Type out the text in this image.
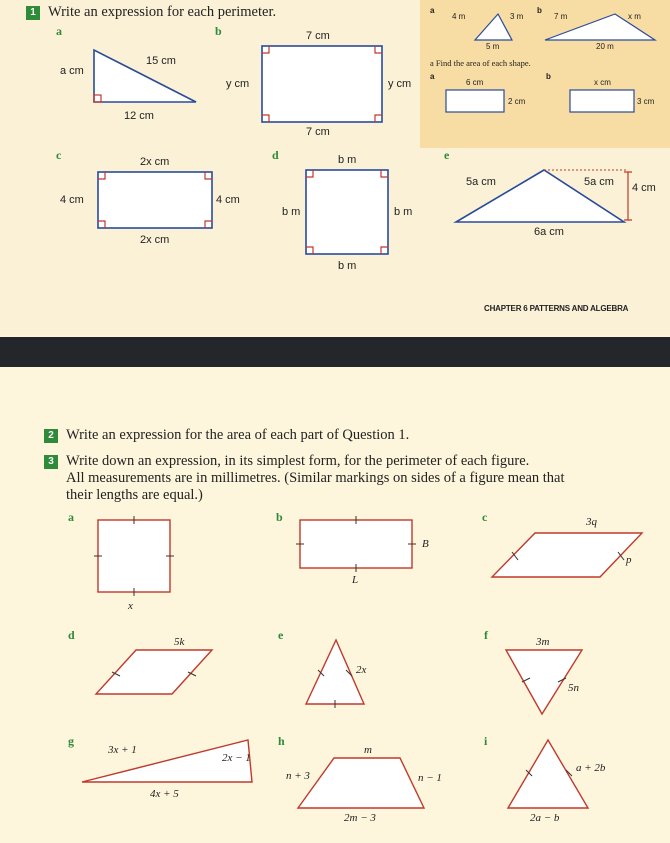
1 Write an expression for each perimeter.
a
a cm
15 cm
12 cm
b	7 cm
7 cm
y cm	y cm
c	2x cm
2x cm
4 cm	4 cm
d	b m
b m
b m	b m
e
5a cm	5a cm
6a cm
4 cm
a
4 m	3 m
5 m
b
7 m	x m
20 m
a Find the area of each shape.
a
6 cm
2 cm
b
x cm
3 cm
CHAPTER 6 PATTERNS AND ALGEBRA
2 Write an expression for the area of each part of Question 1.
3 Write down an expression, in its simplest form, for the perimeter of each figure.
All measurements are in millimetres. (Similar markings on sides of a figure mean that
their lengths are equal.)
a
x
b
B
L
c	3q
p
d	5k	e
2x
f	3m
5n
g
3x + 1
2x − 1
4x + 5
h
m
n + 3	n − 1
2m − 3
i
a + 2b
2a − b
